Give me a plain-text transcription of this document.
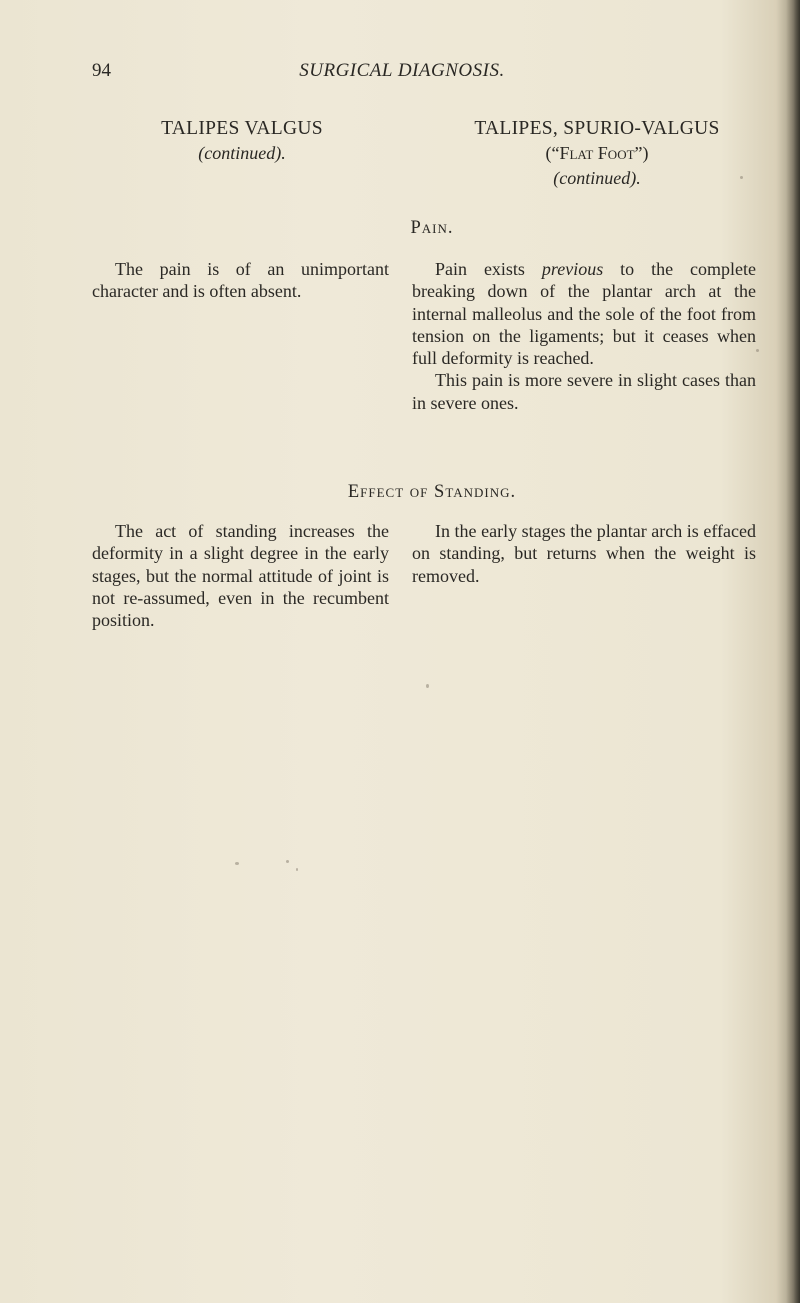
94	SURGICAL DIAGNOSIS.
TALIPES VALGUS
(continued).
TALIPES, SPURIO-VALGUS
(“Flat Foot”)
(continued).
Pain.

The pain is of an unimportant character and is often absent.

Pain exists previous to the complete breaking down of the plantar arch at the internal malleolus and the sole of the foot from tension on the ligaments; but it ceases when full deformity is reached.

This pain is more severe in slight cases than in severe ones.

Effect of Standing.

The act of standing increases the deformity in a slight degree in the early stages, but the normal attitude of joint is not re-assumed, even in the recumbent position.

In the early stages the plantar arch is effaced on standing, but returns when the weight is removed.
